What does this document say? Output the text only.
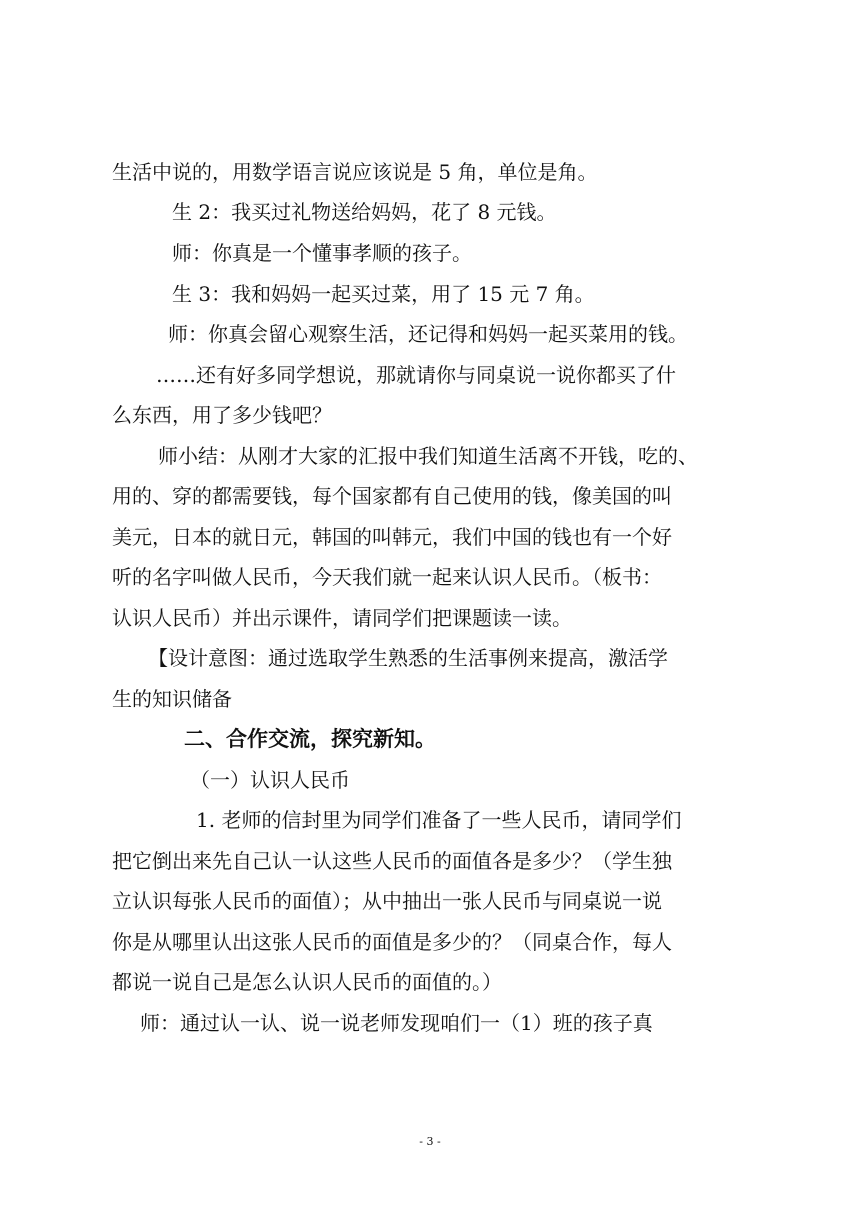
生活中说的，用数学语言说应该说是 5 角，单位是角。
生 2：我买过礼物送给妈妈，花了 8 元钱。
师：你真是一个懂事孝顺的孩子。
生 3：我和妈妈一起买过菜，用了 15 元 7 角。
师：你真会留心观察生活，还记得和妈妈一起买菜用的钱。
……还有好多同学想说，那就请你与同桌说一说你都买了什
么东西，用了多少钱吧？
师小结：从刚才大家的汇报中我们知道生活离不开钱，吃的、
用的、穿的都需要钱，每个国家都有自己使用的钱，像美国的叫
美元，日本的就日元，韩国的叫韩元，我们中国的钱也有一个好
听的名字叫做人民币，今天我们就一起来认识人民币。（板书：
认识人民币）并出示课件，请同学们把课题读一读。
【设计意图：通过选取学生熟悉的生活事例来提高，激活学
生的知识储备
二、合作交流，探究新知。
（一）认识人民币
1. 老师的信封里为同学们准备了一些人民币，请同学们
把它倒出来先自己认一认这些人民币的面值各是多少？（学生独
立认识每张人民币的面值）；从中抽出一张人民币与同桌说一说
你是从哪里认出这张人民币的面值是多少的？（同桌合作，每人
都说一说自己是怎么认识人民币的面值的。）
师：通过认一认、说一说老师发现咱们一（1）班的孩子真
- 3 -
